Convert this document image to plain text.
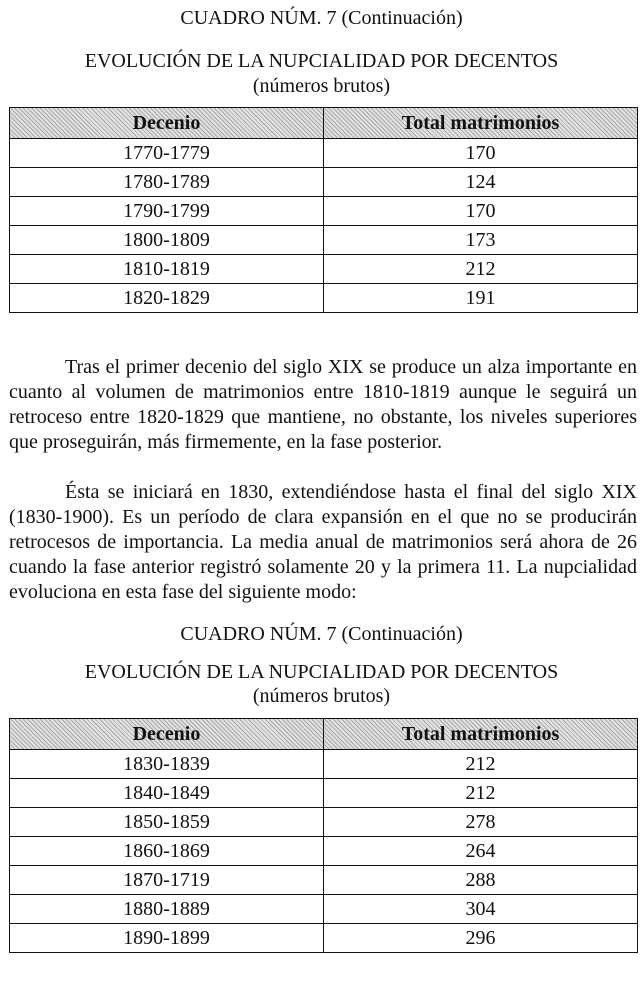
CUADRO NÚM. 7 (Continuación)
EVOLUCIÓN DE LA NUPCIALIDAD POR DECENTOS
(números brutos)
Decenio	Total matrimonios
1770-1779	170
1780-1789	124
1790-1799	170
1800-1809	173
1810-1819	212
1820-1829	191

Tras el primer decenio del siglo XIX se produce un alza importante en cuanto al volumen de matrimonios entre 1810-1819 aunque le seguirá un retroceso entre 1820-1829 que mantiene, no obstante, los niveles superiores que proseguirán, más firmemente, en la fase posterior.

Ésta se iniciará en 1830, extendiéndose hasta el final del siglo XIX (1830-1900). Es un período de clara expansión en el que no se producirán retrocesos de importancia. La media anual de matrimonios será ahora de 26 cuando la fase anterior registró solamente 20 y la primera 11. La nupcialidad evoluciona en esta fase del siguiente modo:

CUADRO NÚM. 7 (Continuación)
EVOLUCIÓN DE LA NUPCIALIDAD POR DECENTOS
(números brutos)
Decenio	Total matrimonios
1830-1839	212
1840-1849	212
1850-1859	278
1860-1869	264
1870-1719	288
1880-1889	304
1890-1899	296
